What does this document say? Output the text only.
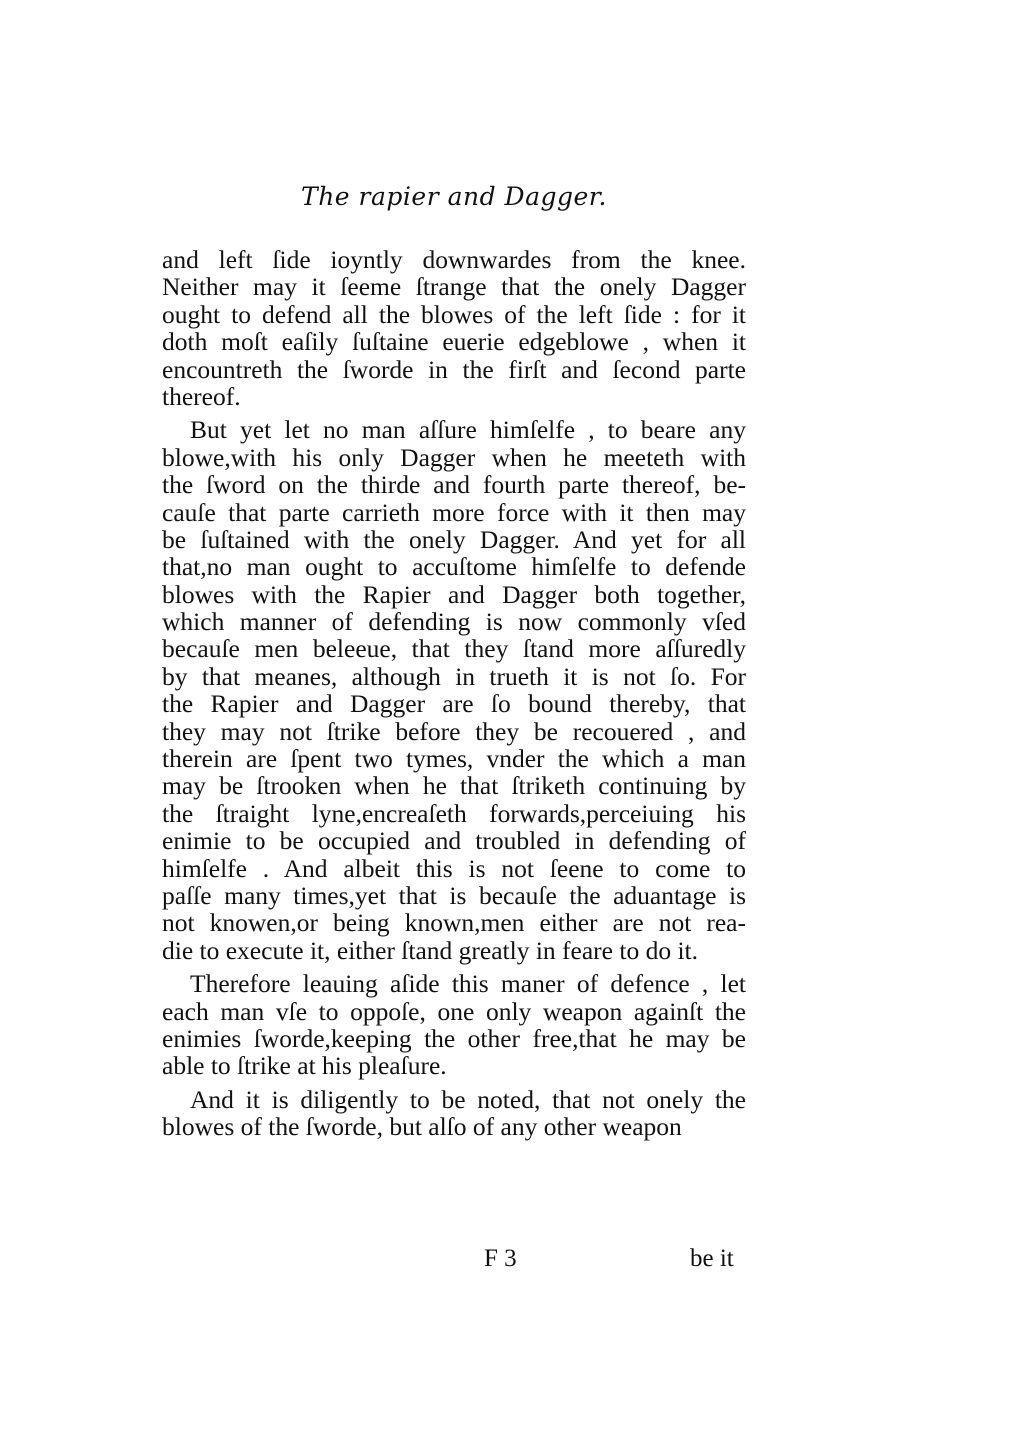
The rapier and Dagger.
and left ſide ioyntly downwardes from the knee.
Neither may it ſeeme ſtrange that the onely Dagger
ought to defend all the blowes of the left ſide : for it
doth moſt eaſily ſuſtaine euerie edgeblowe , when it
encountreth the ſworde in the firſt and ſecond parte
thereof.
But yet let no man aſſure himſelfe , to beare any
blowe,with his only Dagger when he meeteth with
the ſword on the thirde and fourth parte thereof, be-
cauſe that parte carrieth more force with it then may
be ſuſtained with the onely Dagger. And yet for all
that,no man ought to accuſtome himſelfe to defende
blowes with the Rapier and Dagger both together,
which manner of defending is now commonly vſed
becauſe men beleeue, that they ſtand more aſſuredly
by that meanes, although in trueth it is not ſo. For
the Rapier and Dagger are ſo bound thereby, that
they may not ſtrike before they be recouered , and
therein are ſpent two tymes, vnder the which a man
may be ſtrooken when he that ſtriketh continuing by
the ſtraight lyne,encreaſeth forwards,perceiuing his
enimie to be occupied and troubled in defending of
himſelfe . And albeit this is not ſeene to come to
paſſe many times,yet that is becauſe the aduantage is
not knowen,or being known,men either are not rea-
die to execute it, either ſtand greatly in feare to do it.
Therefore leauing aſide this maner of defence , let
each man vſe to oppoſe, one only weapon againſt the
enimies ſworde,keeping the other free,that he may be
able to ſtrike at his pleaſure.
And it is diligently to be noted, that not onely the
blowes of the ſworde, but alſo of any other weapon
F 3	be it
